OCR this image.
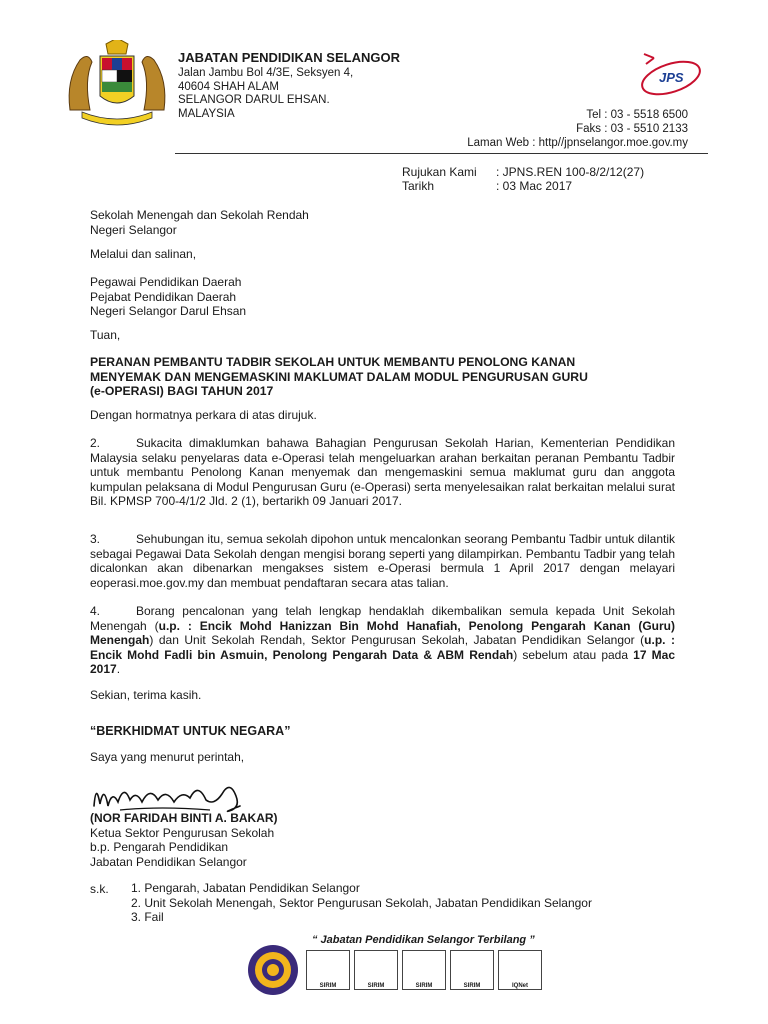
JABATAN PENDIDIKAN SELANGOR
Jalan Jambu Bol 4/3E, Seksyen 4,
40604 SHAH ALAM
SELANGOR DARUL EHSAN.
MALAYSIA
JPS
Tel : 03 - 5518 6500
Faks : 03 - 5510 2133
Laman Web : http//jpnselangor.moe.gov.my
Rujukan Kami : JPNS.REN 100-8/2/12(27)
Tarikh	: 03 Mac 2017
Sekolah Menengah dan Sekolah Rendah
Negeri Selangor
Melalui dan salinan,
Pegawai Pendidikan Daerah
Pejabat Pendidikan Daerah
Negeri Selangor Darul Ehsan
Tuan,
PERANAN PEMBANTU TADBIR SEKOLAH UNTUK MEMBANTU PENOLONG KANAN
MENYEMAK DAN MENGEMASKINI MAKLUMAT DALAM MODUL PENGURUSAN GURU
(e-OPERASI) BAGI TAHUN 2017
Dengan hormatnya perkara di atas dirujuk.
2.	Sukacita dimaklumkan bahawa Bahagian Pengurusan Sekolah Harian, Kementerian Pendidikan Malaysia selaku penyelaras data e-Operasi telah mengeluarkan arahan berkaitan peranan Pembantu Tadbir untuk membantu Penolong Kanan menyemak dan mengemaskini semua maklumat guru dan anggota kumpulan pelaksana di Modul Pengurusan Guru (e-Operasi) serta menyelesaikan ralat berkaitan melalui surat Bil. KPMSP 700-4/1/2 Jld. 2 (1), bertarikh 09 Januari 2017.
3.	Sehubungan itu, semua sekolah dipohon untuk mencalonkan seorang Pembantu Tadbir untuk dilantik sebagai Pegawai Data Sekolah dengan mengisi borang seperti yang dilampirkan. Pembantu Tadbir yang telah dicalonkan akan dibenarkan mengakses sistem e-Operasi bermula 1 April 2017 dengan melayari eoperasi.moe.gov.my dan membuat pendaftaran secara atas talian.
4.	Borang pencalonan yang telah lengkap hendaklah dikembalikan semula kepada Unit Sekolah Menengah (u.p. : Encik Mohd Hanizzan Bin Mohd Hanafiah, Penolong Pengarah Kanan (Guru) Menengah) dan Unit Sekolah Rendah, Sektor Pengurusan Sekolah, Jabatan Pendidikan Selangor (u.p. : Encik Mohd Fadli bin Asmuin, Penolong Pengarah Data & ABM Rendah) sebelum atau pada 17 Mac 2017.
Sekian, terima kasih.
“BERKHIDMAT UNTUK NEGARA”
Saya yang menurut perintah,
(NOR FARIDAH BINTI A. BAKAR)
Ketua Sektor Pengurusan Sekolah
b.p. Pengarah Pendidikan
Jabatan Pendidikan Selangor
s.k. 1. Pengarah, Jabatan Pendidikan Selangor
2. Unit Sekolah Menengah, Sektor Pengurusan Sekolah, Jabatan Pendidikan Selangor
3. Fail
“ Jabatan Pendidikan Selangor Terbilang ”
SIRIM	SIRIM	SIRIM	SIRIM	IQNet
